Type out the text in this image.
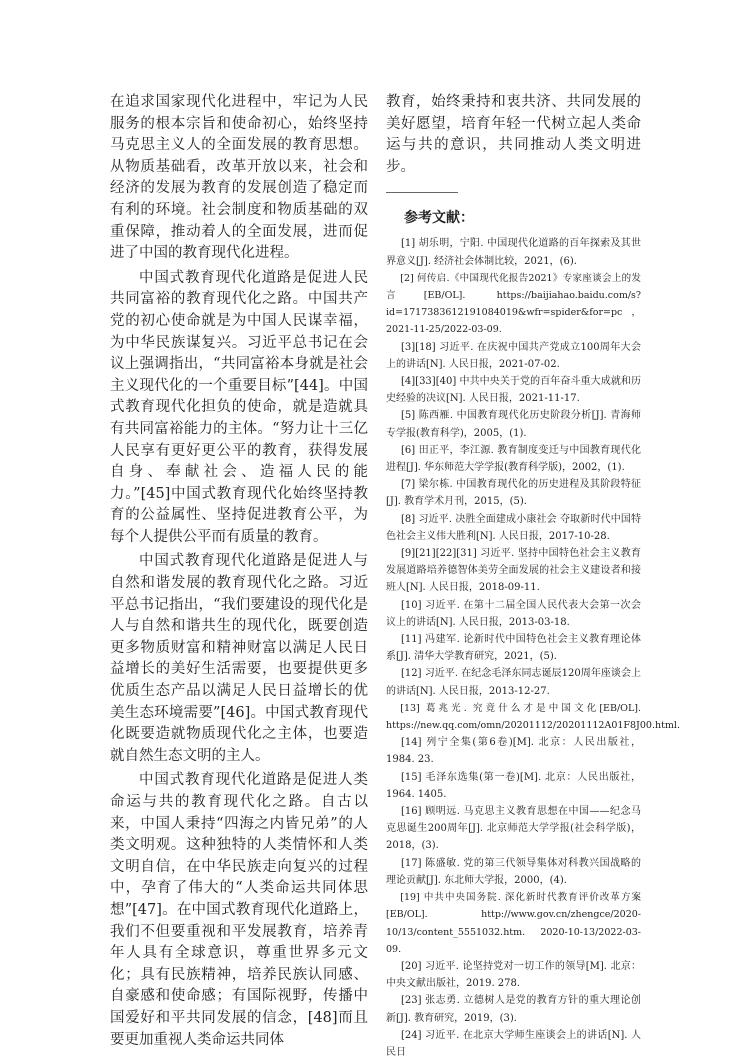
在追求国家现代化进程中，牢记为人民服务的根本宗旨和使命初心，始终坚持马克思主义人的全面发展的教育思想。从物质基础看，改革开放以来，社会和经济的发展为教育的发展创造了稳定而有利的环境。社会制度和物质基础的双重保障，推动着人的全面发展，进而促进了中国的教育现代化进程。

中国式教育现代化道路是促进人民共同富裕的教育现代化之路。中国共产党的初心使命就是为中国人民谋幸福，为中华民族谋复兴。习近平总书记在会议上强调指出，“共同富裕本身就是社会主义现代化的一个重要目标”[44]。中国式教育现代化担负的使命，就是造就具有共同富裕能力的主体。“努力让十三亿人民享有更好更公平的教育，获得发展自身、奉献社会、造福人民的能力。”[45]中国式教育现代化始终坚持教育的公益属性、坚持促进教育公平，为每个人提供公平而有质量的教育。

中国式教育现代化道路是促进人与自然和谐发展的教育现代化之路。习近平总书记指出，“我们要建设的现代化是人与自然和谐共生的现代化，既要创造更多物质财富和精神财富以满足人民日益增长的美好生活需要，也要提供更多优质生态产品以满足人民日益增长的优美生态环境需要”[46]。中国式教育现代化既要造就物质现代化之主体，也要造就自然生态文明的主人。

中国式教育现代化道路是促进人类命运与共的教育现代化之路。自古以来，中国人秉持“四海之内皆兄弟”的人类文明观。这种独特的人类情怀和人类文明自信，在中华民族走向复兴的过程中，孕育了伟大的“人类命运共同体思想”[47]。在中国式教育现代化道路上，我们不但要重视和平发展教育，培养青年人具有全球意识，尊重世界多元文化；具有民族精神，培养民族认同感、自豪感和使命感；有国际视野，传播中国爱好和平共同发展的信念，[48]而且要更加重视人类命运共同体

教育，始终秉持和衷共济、共同发展的美好愿望，培育年轻一代树立起人类命运与共的意识，共同推动人类文明进步。

参考文献：

[1] 胡乐明，宁阳. 中国现代化道路的百年探索及其世界意义[J]. 经济社会体制比较，2021，(6).

[2] 何传启.《中国现代化报告2021》专家座谈会上的发言[EB/OL]. https://baijiahao.baidu.com/s?id=1717383612191084019&wfr=spider&for=pc，2021-11-25/2022-03-09.

[3][18] 习近平. 在庆祝中国共产党成立100周年大会上的讲话[N]. 人民日报，2021-07-02.

[4][33][40] 中共中央关于党的百年奋斗重大成就和历史经验的决议[N]. 人民日报，2021-11-17.

[5] 陈西雁. 中国教育现代化历史阶段分析[J]. 青海师专学报(教育科学)，2005，(1).

[6] 田正平，李江源. 教育制度变迁与中国教育现代化进程[J]. 华东师范大学学报(教育科学版)，2002，(1).

[7] 梁尔栋. 中国教育现代化的历史进程及其阶段特征[J]. 教育学术月刊，2015，(5).

[8] 习近平. 决胜全面建成小康社会 夺取新时代中国特色社会主义伟大胜利[N]. 人民日报，2017-10-28.

[9][21][22][31] 习近平. 坚持中国特色社会主义教育发展道路培养德智体美劳全面发展的社会主义建设者和接班人[N]. 人民日报，2018-09-11.

[10] 习近平. 在第十二届全国人民代表大会第一次会议上的讲话[N]. 人民日报，2013-03-18.

[11] 冯建军. 论新时代中国特色社会主义教育理论体系[J]. 清华大学教育研究，2021，(5).

[12] 习近平. 在纪念毛泽东同志诞辰120周年座谈会上的讲话[N]. 人民日报，2013-12-27.

[13] 葛兆光. 究竟什么才是中国文化[EB/OL]. https://new.qq.com/omn/20201112/20201112A01F8J00.html.

[14] 列宁全集(第6卷)[M]. 北京：人民出版社，1984. 23.

[15] 毛泽东选集(第一卷)[M]. 北京：人民出版社，1964. 1405.

[16] 顾明远. 马克思主义教育思想在中国——纪念马克思诞生200周年[J]. 北京师范大学学报(社会科学版)，2018，(3).

[17] 陈盛敏. 党的第三代领导集体对科教兴国战略的理论贡献[J]. 东北师大学报，2000，(4).

[19] 中共中央国务院. 深化新时代教育评价改革方案[EB/OL]. http://www.gov.cn/zhengce/2020-10/13/content_5551032.htm. 2020-10-13/2022-03-09.

[20] 习近平. 论坚持党对一切工作的领导[M]. 北京：中央文献出版社，2019. 278.

[23] 张志勇. 立德树人是党的教育方针的重大理论创新[J]. 教育研究，2019，(3).

[24] 习近平. 在北京大学师生座谈会上的讲话[N]. 人民日
